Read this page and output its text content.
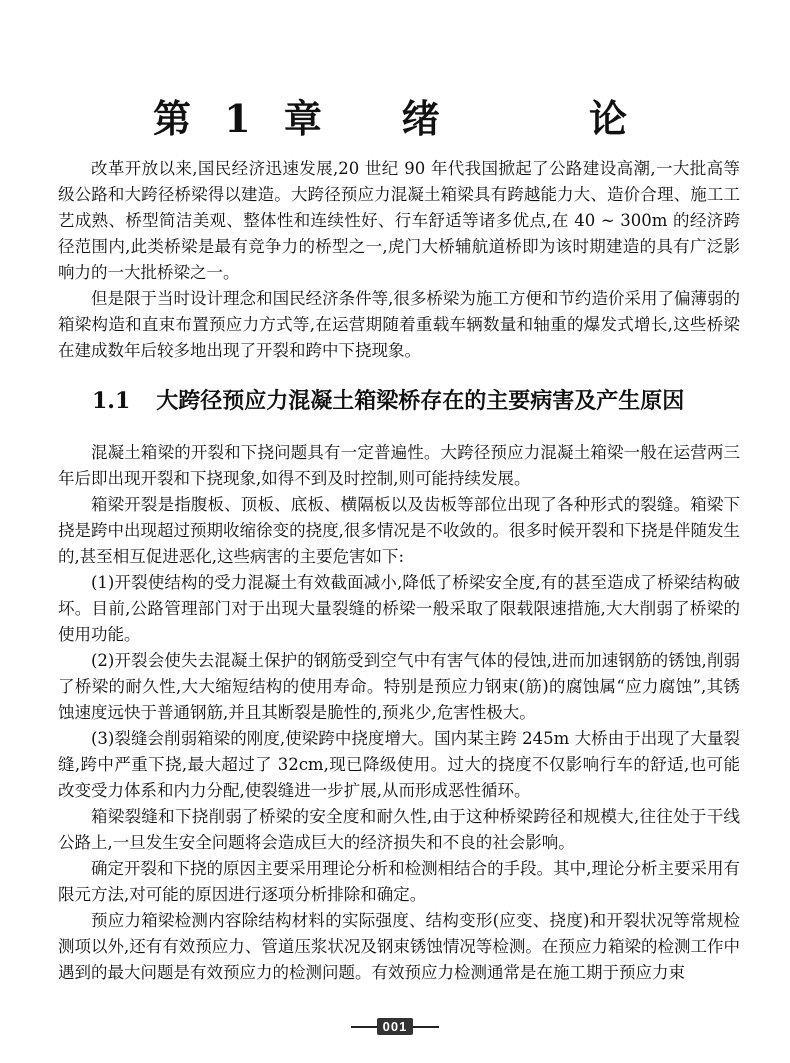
第 1 章   绪      论

改革开放以来,国民经济迅速发展,20 世纪 90 年代我国掀起了公路建设高潮,一大批高等级公路和大跨径桥梁得以建造。大跨径预应力混凝土箱梁具有跨越能力大、造价合理、施工工艺成熟、桥型简洁美观、整体性和连续性好、行车舒适等诸多优点,在 40 ~ 300m 的经济跨径范围内,此类桥梁是最有竞争力的桥型之一,虎门大桥辅航道桥即为该时期建造的具有广泛影响力的一大批桥梁之一。

但是限于当时设计理念和国民经济条件等,很多桥梁为施工方便和节约造价采用了偏薄弱的箱梁构造和直束布置预应力方式等,在运营期随着重载车辆数量和轴重的爆发式增长,这些桥梁在建成数年后较多地出现了开裂和跨中下挠现象。

1.1 大跨径预应力混凝土箱梁桥存在的主要病害及产生原因

混凝土箱梁的开裂和下挠问题具有一定普遍性。大跨径预应力混凝土箱梁一般在运营两三年后即出现开裂和下挠现象,如得不到及时控制,则可能持续发展。

箱梁开裂是指腹板、顶板、底板、横隔板以及齿板等部位出现了各种形式的裂缝。箱梁下挠是跨中出现超过预期收缩徐变的挠度,很多情况是不收敛的。很多时候开裂和下挠是伴随发生的,甚至相互促进恶化,这些病害的主要危害如下:

(1)开裂使结构的受力混凝土有效截面减小,降低了桥梁安全度,有的甚至造成了桥梁结构破坏。目前,公路管理部门对于出现大量裂缝的桥梁一般采取了限载限速措施,大大削弱了桥梁的使用功能。

(2)开裂会使失去混凝土保护的钢筋受到空气中有害气体的侵蚀,进而加速钢筋的锈蚀,削弱了桥梁的耐久性,大大缩短结构的使用寿命。特别是预应力钢束(筋)的腐蚀属“应力腐蚀”,其锈蚀速度远快于普通钢筋,并且其断裂是脆性的,预兆少,危害性极大。

(3)裂缝会削弱箱梁的刚度,使梁跨中挠度增大。国内某主跨 245m 大桥由于出现了大量裂缝,跨中严重下挠,最大超过了 32cm,现已降级使用。过大的挠度不仅影响行车的舒适,也可能改变受力体系和内力分配,使裂缝进一步扩展,从而形成恶性循环。

箱梁裂缝和下挠削弱了桥梁的安全度和耐久性,由于这种桥梁跨径和规模大,往往处于干线公路上,一旦发生安全问题将会造成巨大的经济损失和不良的社会影响。

确定开裂和下挠的原因主要采用理论分析和检测相结合的手段。其中,理论分析主要采用有限元方法,对可能的原因进行逐项分析排除和确定。

预应力箱梁检测内容除结构材料的实际强度、结构变形(应变、挠度)和开裂状况等常规检测项以外,还有有效预应力、管道压浆状况及钢束锈蚀情况等检测。在预应力箱梁的检测工作中遇到的最大问题是有效预应力的检测问题。有效预应力检测通常是在施工期于预应力束

001
